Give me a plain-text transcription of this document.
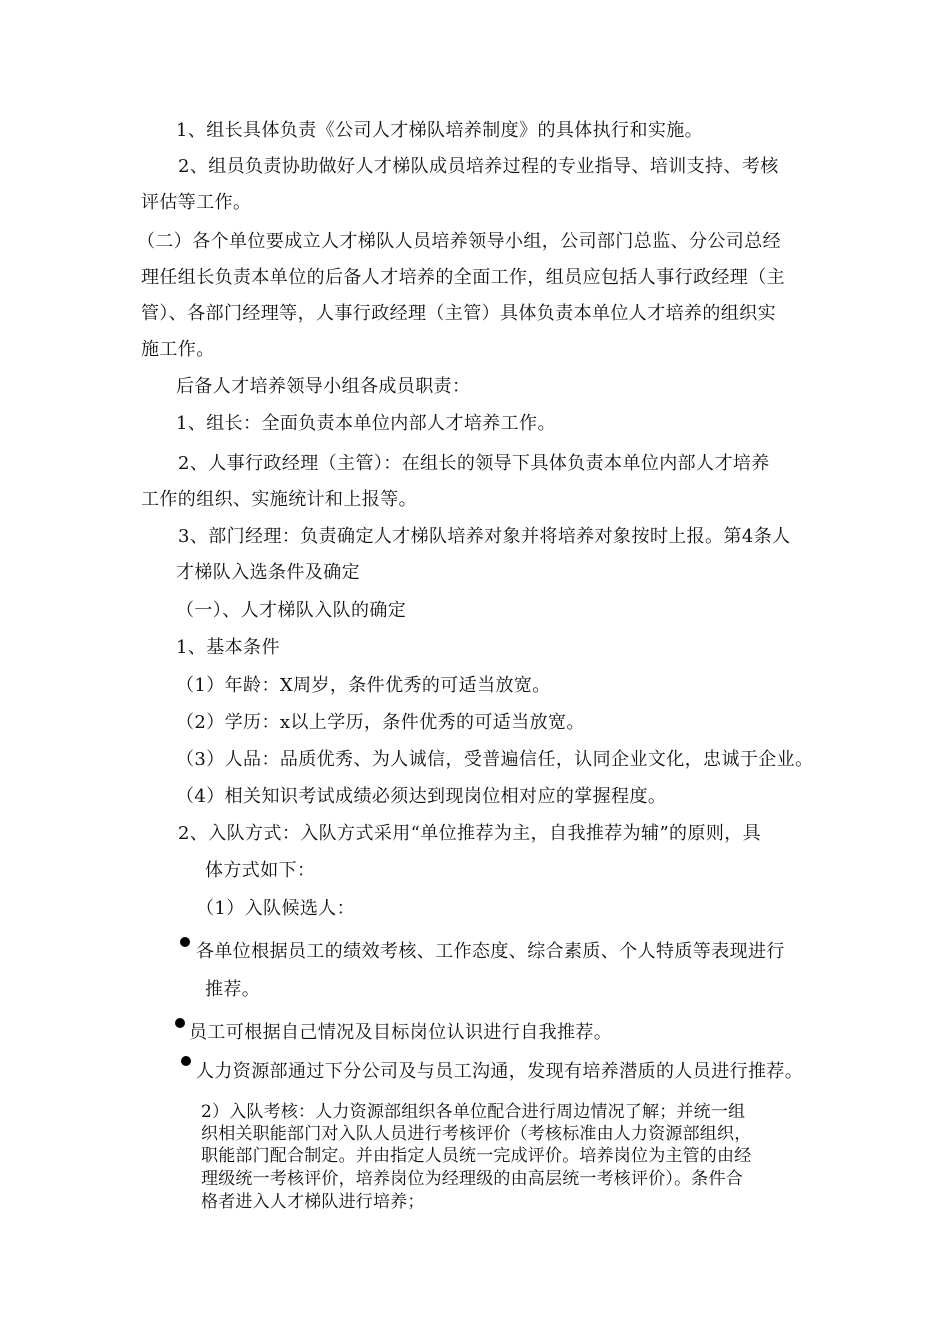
1、组长具体负责《公司人才梯队培养制度》的具体执行和实施。
2、组员负责协助做好人才梯队成员培养过程的专业指导、培训支持、考核
评估等工作。
（二）各个单位要成立人才梯队人员培养领导小组，公司部门总监、分公司总经
理任组长负责本单位的后备人才培养的全面工作，组员应包括人事行政经理（主
管）、各部门经理等，人事行政经理（主管）具体负责本单位人才培养的组织实
施工作。
后备人才培养领导小组各成员职责：
1、组长：全面负责本单位内部人才培养工作。
2、人事行政经理（主管）：在组长的领导下具体负责本单位内部人才培养
工作的组织、实施统计和上报等。
3、部门经理：负责确定人才梯队培养对象并将培养对象按时上报。第4条人
才梯队入选条件及确定
（一）、人才梯队入队的确定
1、基本条件
（1）年龄：X周岁，条件优秀的可适当放宽。
（2）学历：x以上学历，条件优秀的可适当放宽。
（3）人品：品质优秀、为人诚信，受普遍信任，认同企业文化，忠诚于企业。
（4）相关知识考试成绩必须达到现岗位相对应的掌握程度。
2、入队方式：入队方式采用“单位推荐为主，自我推荐为辅”的原则，具
体方式如下：
（1）入队候选人：
各单位根据员工的绩效考核、工作态度、综合素质、个人特质等表现进行
推荐。
员工可根据自己情况及目标岗位认识进行自我推荐。
人力资源部通过下分公司及与员工沟通，发现有培养潜质的人员进行推荐。
2）入队考核：人力资源部组织各单位配合进行周边情况了解；并统一组
织相关职能部门对入队人员进行考核评价（考核标准由人力资源部组织，
职能部门配合制定。并由指定人员统一完成评价。培养岗位为主管的由经
理级统一考核评价，培养岗位为经理级的由高层统一考核评价）。条件合
格者进入人才梯队进行培养；
